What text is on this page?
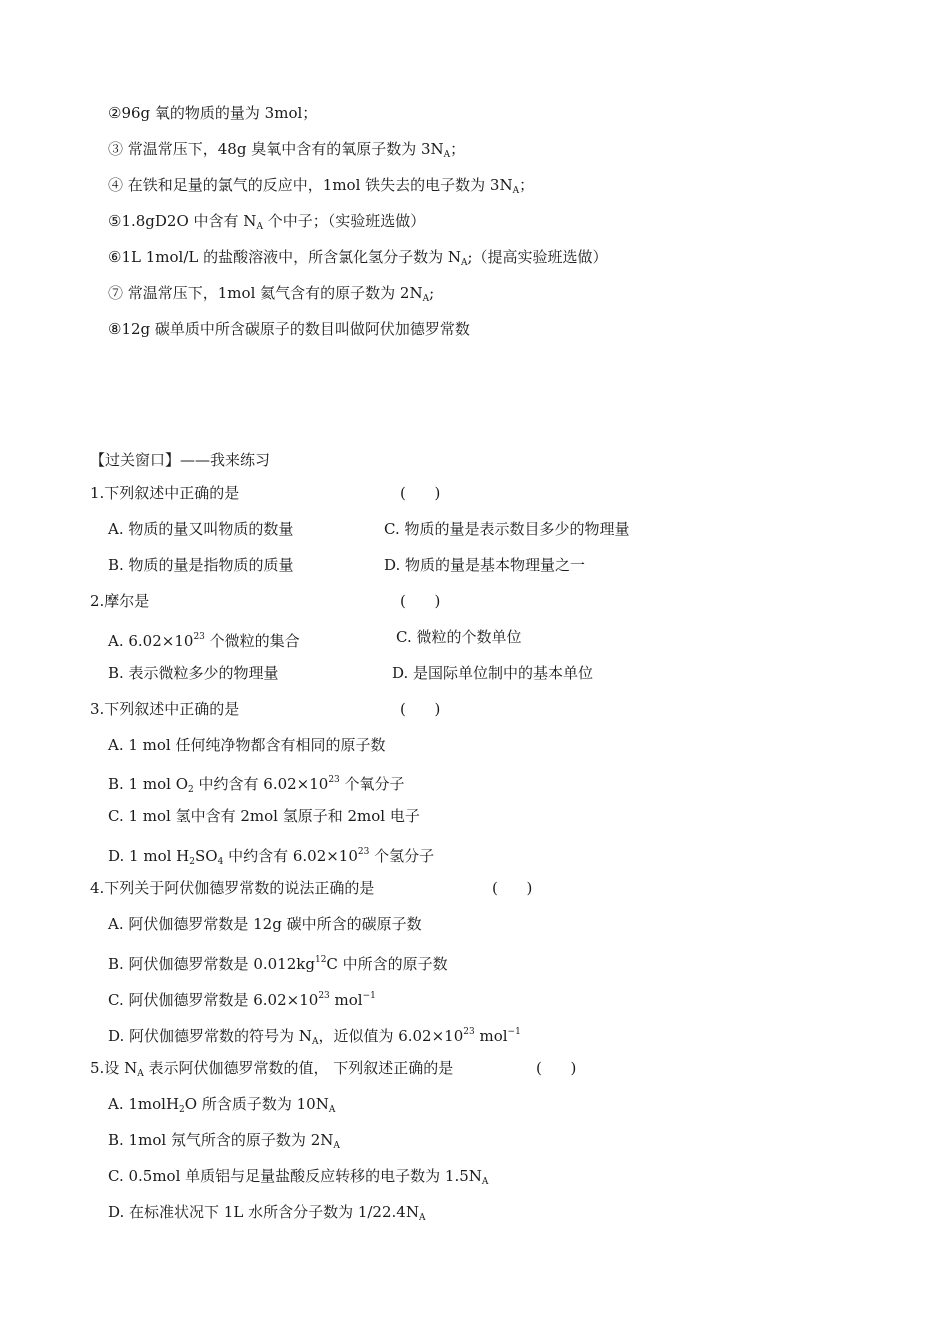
②96g 氧的物质的量为 3mol；
③ 常温常压下，48g 臭氧中含有的氧原子数为 $3N_A$；
④ 在铁和足量的氯气的反应中，1mol 铁失去的电子数为 $3N_A$；
⑤1.8gD2O 中含有 $N_A$ 个中子；（实验班选做）
⑥1L 1mol/L 的盐酸溶液中，所含氯化氢分子数为 $N_A$;（提高实验班选做）
⑦ 常温常压下，1mol 氦气含有的原子数为 $2N_A$;
⑧12g 碳单质中所含碳原子的数目叫做阿伏加德罗常数
【过关窗口】——我来练习
1.下列叙述中正确的是	(      )
A. 物质的量又叫物质的数量	C. 物质的量是表示数目多少的物理量
B. 物质的量是指物质的质量	D. 物质的量是基本物理量之一
2.摩尔是	(      )
A. $6.02\times 10^{23}$ 个微粒的集合	C. 微粒的个数单位
B. 表示微粒多少的物理量	D. 是国际单位制中的基本单位
3.下列叙述中正确的是	(      )
A. 1 mol 任何纯净物都含有相同的原子数
B. 1 mol $O_2$ 中约含有 $6.02\times 10^{23}$ 个氧分子
C. 1 mol 氢中含有 2mol 氢原子和 2mol 电子
D. 1 mol $H_2SO_4$ 中约含有 $6.02\times 10^{23}$ 个氢分子
4.下列关于阿伏伽德罗常数的说法正确的是	(      )
A. 阿伏伽德罗常数是 12g 碳中所含的碳原子数
B. 阿伏伽德罗常数是 $0.012kg^{12}C$ 中所含的原子数
C. 阿伏伽德罗常数是 $6.02\times 10^{23}$ mol$^{-1}$
D. 阿伏伽德罗常数的符号为 $N_A$，近似值为 $6.02\times 10^{23}$ mol$^{-1}$
5.设 $N_A$ 表示阿伏伽德罗常数的值， 下列叙述正确的是	(      )
A. 1molH$_2$O 所含质子数为 $10N_A$
B. 1mol 氖气所含的原子数为 $2N_A$
C. 0.5mol 单质铝与足量盐酸反应转移的电子数为 $1.5N_A$
D. 在标准状况下 1L 水所含分子数为 $1/22.4N_A$
